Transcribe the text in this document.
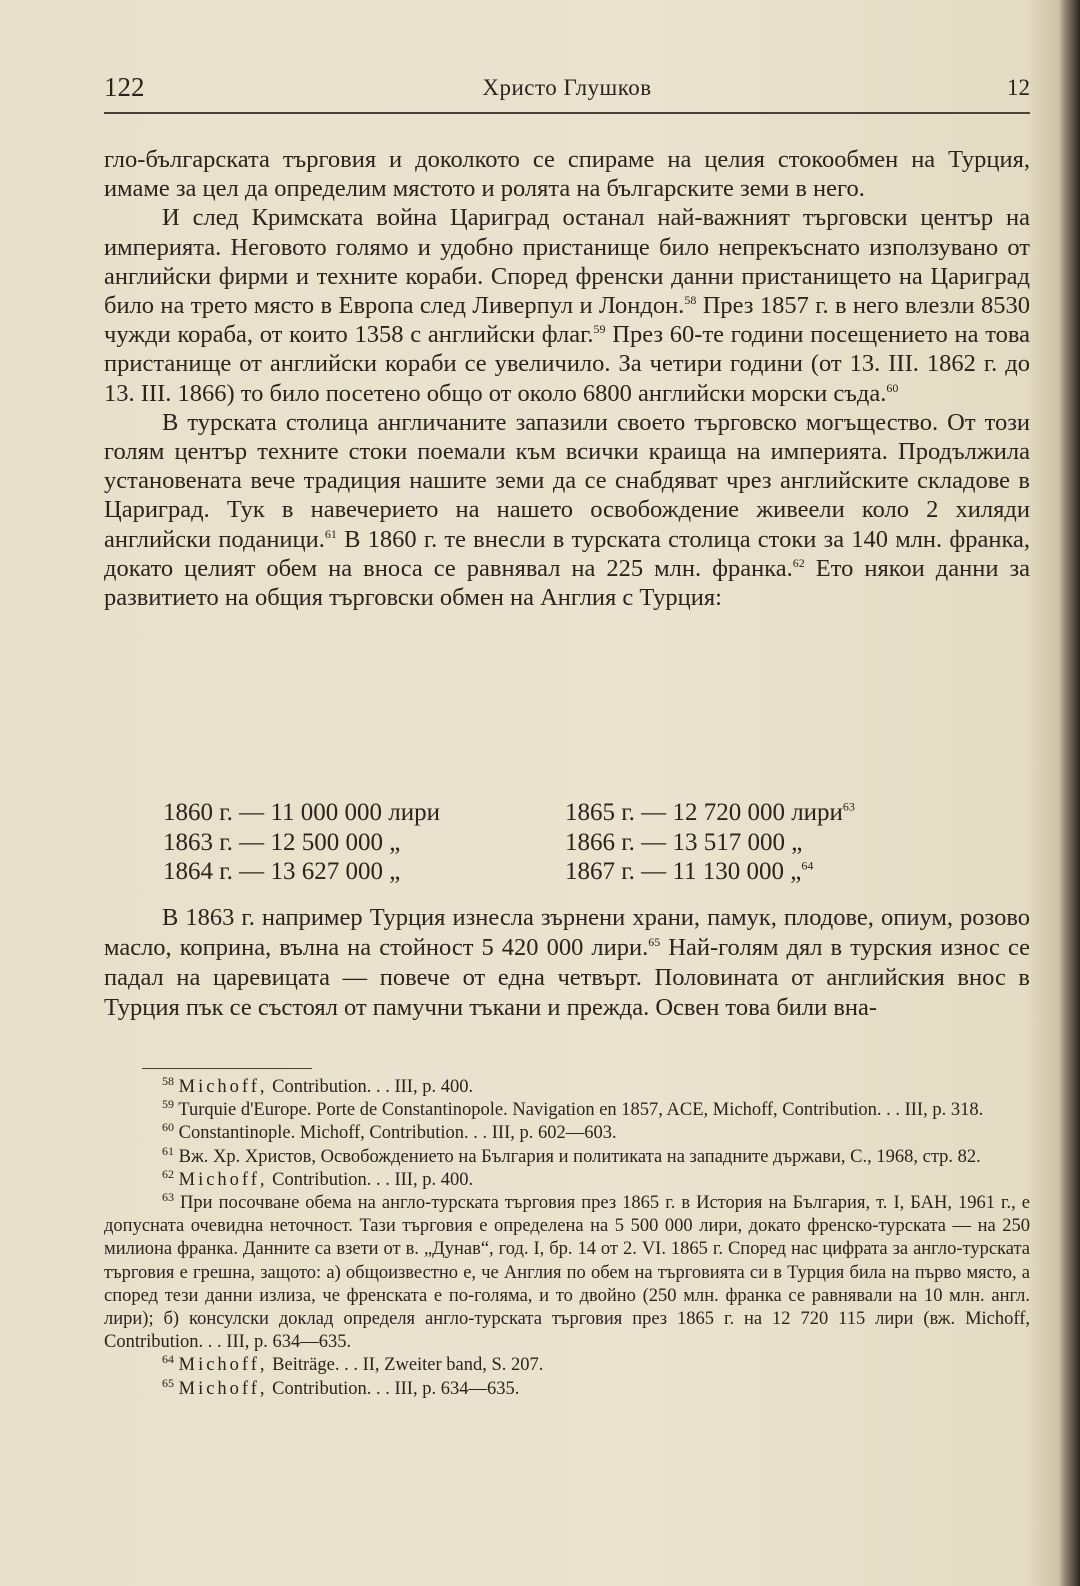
122	Христо Глушков	12

гло-българската търговия и доколкото се спираме на целия стокообмен на Турция, имаме за цел да определим мястото и ролята на българските земи в него.

И след Кримската война Цариград останал най-важният търговски център на империята. Неговото голямо и удобно пристанище било непрекъснато използувано от английски фирми и техните кораби. Според френски данни пристанището на Цариград било на трето място в Европа след Ливерпул и Лондон.$^{58}$ През 1857 г. в него влезли 8530 чужди кораба, от които 1358 с английски флаг.$^{59}$ През 60-те години посещението на това пристанище от английски кораби се увеличило. За четири години (от 13. III. 1862 г. до 13. III. 1866) то било посетено общо от около 6800 английски морски съда.$^{60}$

В турската столица англичаните запазили своето търговско могъщество. От този голям център техните стоки поемали към всички краища на империята. Продължила установената вече традиция нашите земи да се снабдяват чрез английските складове в Цариград. Тук в навечерието на нашето освобождение живеели коло 2 хиляди английски поданици.$^{61}$ В 1860 г. те внесли в турската столица стоки за 140 млн. франка, докато целият обем на вноса се равнявал на 225 млн. франка.$^{62}$ Ето някои данни за развитието на общия търговски обмен на Англия с Турция:

1860 г. — 11 000 000 лири	1865 г. — 12 720 000 лири$^{63}$
1863 г. — 12 500 000 „	1866 г. — 13 517 000 „
1864 г. — 13 627 000 „	1867 г. — 11 130 000 „$^{64}$

В 1863 г. например Турция изнесла зърнени храни, памук, плодове, опиум, розово масло, коприна, вълна на стойност 5 420 000 лири.$^{65}$ Най-голям дял в турския износ се падал на царевицата — повече от една четвърт. Половината от английския внос в Турция пък се състоял от памучни тъкани и прежда. Освен това били вна-

$^{58}$ Michoff, Contribution. . . III, p. 400.

$^{59}$ Turquie d'Europe. Porte de Constantinopole. Navigation en 1857, ACE, Michoff, Contribution. . . III, p. 318.

$^{60}$ Constantinople. Michoff, Contribution. . . III, p. 602—603.

$^{61}$ Вж. Хр. Христов, Освобождението на България и политиката на западните държави, С., 1968, стр. 82.

$^{62}$ Michoff, Contribution. . . III, p. 400.

$^{63}$ При посочване обема на англо-турската търговия през 1865 г. в История на България, т. I, БАН, 1961 г., е допусната очевидна неточност. Тази търговия е определена на 5 500 000 лири, докато френско-турската — на 250 милиона франка. Данните са взети от в. „Дунав“, год. I, бр. 14 от 2. VI. 1865 г. Според нас цифрата за англо-турската търговия е грешна, защото: а) общоизвестно е, че Англия по обем на търговията си в Турция била на първо място, а според тези данни излиза, че френската е по-голяма, и то двойно (250 млн. франка се равнявали на 10 млн. англ. лири); б) консулски доклад определя англо-турската търговия през 1865 г. на 12 720 115 лири (вж. Michoff, Contribution. . . III, p. 634—635.

$^{64}$ Michoff, Beiträge. . . II, Zweiter band, S. 207.

$^{65}$ Michoff, Contribution. . . III, p. 634—635.
